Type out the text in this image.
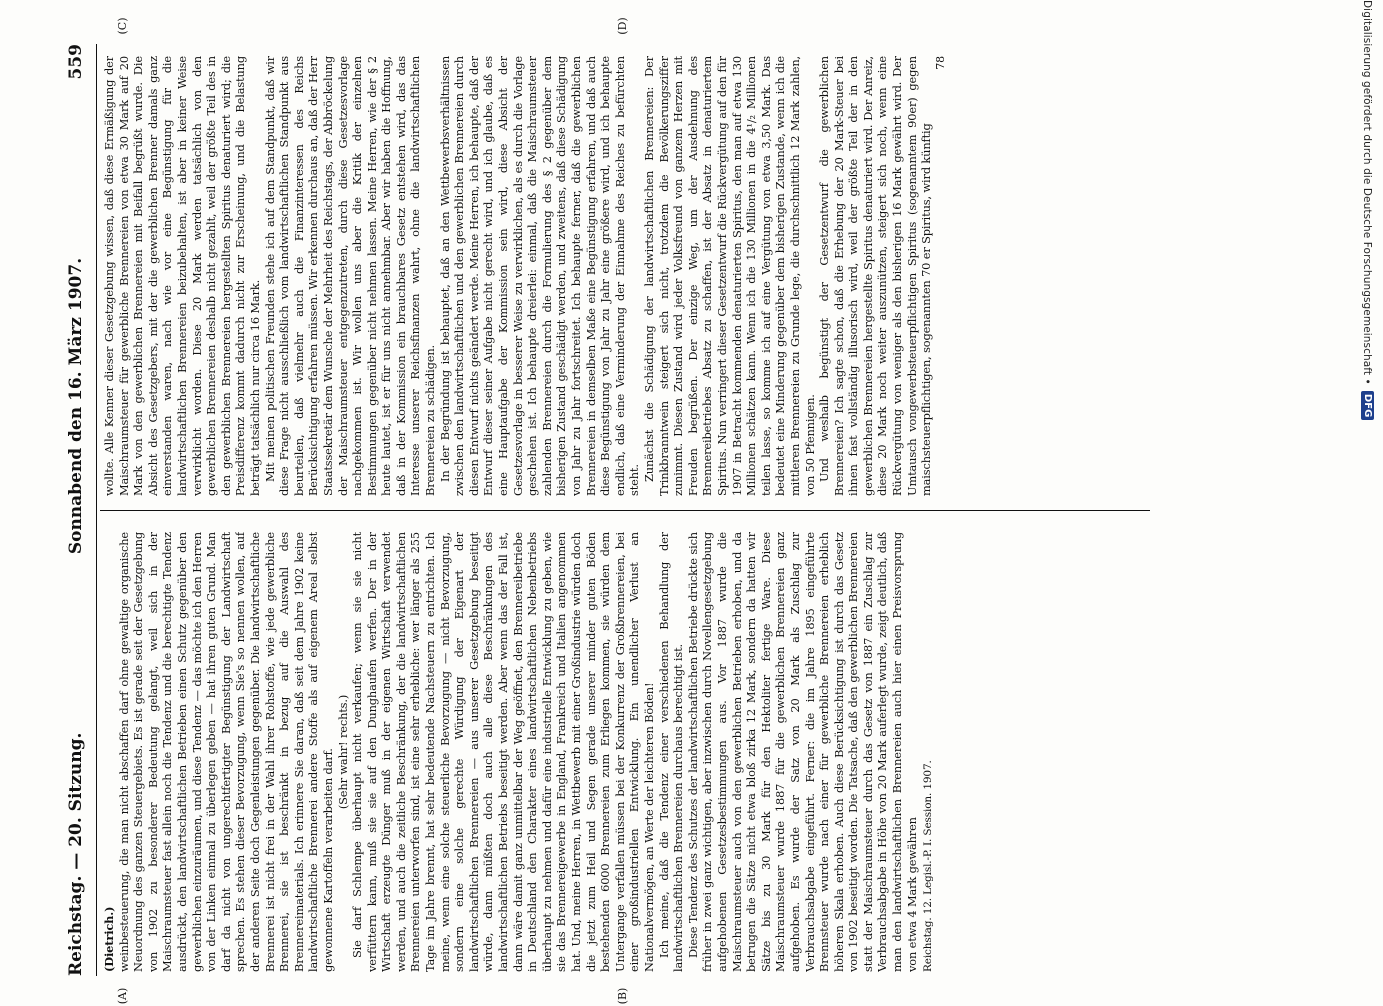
Reichstag. — 20. Sitzung.
Sonnabend den 16. März 1907.
559
(A)	(B)
(C)	(D)

(Dietrich.) weinbesteuerung, die man nicht abschaffen darf ohne gewaltige organische Neuordnung des ganzen Steuergebiets. Es ist gerade seit der Gesetzgebung von 1902 zu besonderer Bedeutung gelangt, weil sich in der Maischraumsteuer fast allein noch die Tendenz und die berechtigte Tendenz ausdrückt, den landwirtschaftlichen Betrieben einen Schutz gegenüber den gewerblichen einzuräumen, und diese Tendenz — das möchte ich den Herren von der Linken einmal zu überlegen geben — hat ihren guten Grund. Man darf da nicht von ungerechtfertigter Begünstigung der Landwirtschaft sprechen. Es stehen dieser Bevorzugung, wenn Sie's so nennen wollen, auf der anderen Seite doch Gegenleistungen gegenüber. Die landwirtschaftliche Brennerei ist nicht frei in der Wahl ihrer Rohstoffe, wie jede gewerbliche Brennerei, sie ist beschränkt in bezug auf die Auswahl des Brennereimaterials. Ich erinnere Sie daran, daß seit dem Jahre 1902 keine landwirtschaftliche Brennerei andere Stoffe als auf eigenem Areal selbst gewonnene Kartoffeln verarbeiten darf. (Sehr wahr! rechts.) Sie darf Schlempe überhaupt nicht verkaufen; wenn sie sie nicht verfüttern kann, muß sie sie auf den Dunghaufen werfen. Der in der Wirtschaft erzeugte Dünger muß in der eigenen Wirtschaft verwendet werden, und auch die zeitliche Beschränkung, der die landwirtschaftlichen Brennereien unterworfen sind, ist eine sehr erhebliche: wer länger als 255 Tage im Jahre brennt, hat sehr bedeutende Nachsteuern zu entrichten. Ich meine, wenn eine solche steuerliche Bevorzugung — nicht Bevorzugung, sondern eine solche gerechte Würdigung der Eigenart der landwirtschaftlichen Brennereien — aus unserer Gesetzgebung beseitigt würde, dann müßten doch auch alle diese Beschränkungen des landwirtschaftlichen Betriebs beseitigt werden. Aber wenn das der Fall ist, dann wäre damit ganz unmittelbar der Weg geöffnet, den Brennereibetriebe in Deutschland den Charakter eines landwirtschaftlichen Nebenbetriebs überhaupt zu nehmen und dafür eine industrielle Entwicklung zu geben, wie sie das Brennereigewerbe in England, Frankreich und Italien angenommen hat. Und, meine Herren, in Wettbewerb mit einer Großindustrie würden doch die jetzt zum Heil und Segen gerade unserer minder guten Böden bestehenden 6000 Brennereien zum Erliegen kommen, sie würden dem Untergange verfallen müssen bei der Konkurrenz der Großbrennereien, bei einer großindustriellen Entwicklung. Ein unendlicher Verlust an Nationalvermögen, an Werte der leichteren Böden! Ich meine, daß die Tendenz einer verschiedenen Behandlung der landwirtschaftlichen Brennereien durchaus berechtigt ist. Diese Tendenz des Schutzes der landwirtschaftlichen Betriebe drückte sich früher in zwei ganz wichtigen, aber inzwischen durch Novellengesetzgebung aufgehobenen Gesetzesbestimmungen aus. Vor 1887 wurde die Maischraumsteuer auch von den gewerblichen Betrieben erhoben, und da betrugen die Sätze nicht etwa bloß zirka 12 Mark, sondern da hatten wir Sätze bis zu 30 Mark für den Hektoliter fertige Ware. Diese Maischraumsteuer wurde 1887 für die gewerblichen Brennereien ganz aufgehoben. Es wurde der Satz von 20 Mark als Zuschlag zur Verbrauchsabgabe eingeführt. Ferner: die im Jahre 1895 eingeführte Brennsteuer wurde nach einer für gewerbliche Brennereien erheblich höheren Skala erhoben. Auch diese Berücksichtigung ist durch das Gesetz von 1902 beseitigt worden. Die Tatsache, daß den gewerblichen Brennereien statt der Maischraumsteuer durch das Gesetz von 1887 ein Zuschlag zur Verbrauchsabgabe in Höhe von 20 Mark auferlegt wurde, zeigt deutlich, daß man den landwirtschaftlichen Brennereien auch hier einen Preisvorsprung von etwa 4 Mark gewähren Reichstag. 12. Legisl.-P. I. Session. 1907.

wollte. Alle Kenner dieser Gesetzgebung wissen, daß diese Ermäßigung der Maischraumsteuer für gewerbliche Brennereien von etwa 30 Mark auf 20 Mark von den gewerblichen Brennereien mit Beifall begrüßt wurde. Die Absicht des Gesetzgebers, mit der die gewerblichen Brenner damals ganz einverstanden waren, nach wie vor eine Begünstigung für die landwirtschaftlichen Brennereien beizubehalten, ist aber in keiner Weise verwirklicht worden. Diese 20 Mark werden tatsächlich von den gewerblichen Brennereien deshalb nicht gezahlt, weil der größte Teil des in den gewerblichen Brennereien hergestellten Spiritus denaturiert wird; die Preisdifferenz kommt dadurch nicht zur Erscheinung, und die Belastung beträgt tatsächlich nur circa 16 Mark. Mit meinen politischen Freunden stehe ich auf dem Standpunkt, daß wir diese Frage nicht ausschließlich vom landwirtschaftlichen Standpunkt aus beurteilen, daß vielmehr auch die Finanzinteressen des Reichs Berücksichtigung erfahren müssen. Wir erkennen durchaus an, daß der Herr Staatssekretär dem Wunsche der Mehrheit des Reichstags, der Abbröckelung der Maischraumsteuer entgegenzutreten, durch diese Gesetzesvorlage nachgekommen ist. Wir wollen uns aber die Kritik der einzelnen Bestimmungen gegenüber nicht nehmen lassen. Meine Herren, wie der § 2 heute lautet, ist er für uns nicht annehmbar. Aber wir haben die Hoffnung, daß in der Kommission ein brauchbares Gesetz entstehen wird, das das Interesse unserer Reichsfinanzen wahrt, ohne die landwirtschaftlichen Brennereien zu schädigen. In der Begründung ist behauptet, daß an den Wettbewerbsverhältnissen zwischen den landwirtschaftlichen und den gewerblichen Brennereien durch diesen Entwurf nichts geändert werde. Meine Herren, ich behaupte, daß der Entwurf dieser seiner Aufgabe nicht gerecht wird, und ich glaube, daß es eine Hauptaufgabe der Kommission sein wird, diese Absicht der Gesetzesvorlage in besserer Weise zu verwirklichen, als es durch die Vorlage geschehen ist. Ich behaupte dreierlei: einmal, daß die Maischraumsteuer zahlenden Brennereien durch die Formulierung des § 2 gegenüber dem bisherigen Zustand geschädigt werden, und zweitens, daß diese Schädigung von Jahr zu Jahr fortschreitet. Ich behaupte ferner, daß die gewerblichen Brennereien in demselben Maße eine Begünstigung erfahren, und daß auch diese Begünstigung von Jahr zu Jahr eine größere wird, und ich behaupte endlich, daß eine Verminderung der Einnahme des Reiches zu befürchten steht. Zunächst die Schädigung der landwirtschaftlichen Brennereien: Der Trinkbranntwein steigert sich nicht, trotzdem die Bevölkerungsziffer zunimmt. Diesen Zustand wird jeder Volksfreund von ganzem Herzen mit Freuden begrüßen. Der einzige Weg, um der Ausdehnung des Brennereibetriebes Absatz zu schaffen, ist der Absatz in denaturiertem Spiritus. Nun verringert dieser Gesetzentwurf die Rückvergütung auf den für 1907 in Betracht kommenden denaturierten Spiritus, den man auf etwa 130 Millionen schätzen kann. Wenn ich die 130 Millionen in die 4¹/₂ Millionen teilen lasse, so komme ich auf eine Vergütung von etwa 3,50 Mark. Das bedeutet eine Minderung gegenüber dem bisherigen Zustande, wenn ich die mittleren Brennereien zu Grunde lege, die durchschnittlich 12 Mark zahlen, von 50 Pfennigen. Und weshalb begünstigt der Gesetzentwurf die gewerblichen Brennereien? Ich sagte schon, daß die Erhebung der 20 Mark-Steuer bei ihnen fast vollständig illusorisch wird, weil der größte Teil der in den gewerblichen Brennereien hergestellte Spiritus denaturiert wird. Der Anreiz, diese 20 Mark noch weiter auszunützen, steigert sich noch, wenn eine Rückvergütung von weniger als den bisherigen 16 Mark gewährt wird. Der Umtausch vongewerbsteuerpflichtigen Spiritus (sogenanntem 90er) gegen maischsteuerpflichtigen, sogenannten 70 er Spiritus, wird künftig

78	Digitalisierung gefördert durch die Deutsche Forschungsgemeinschaft •
DFG
